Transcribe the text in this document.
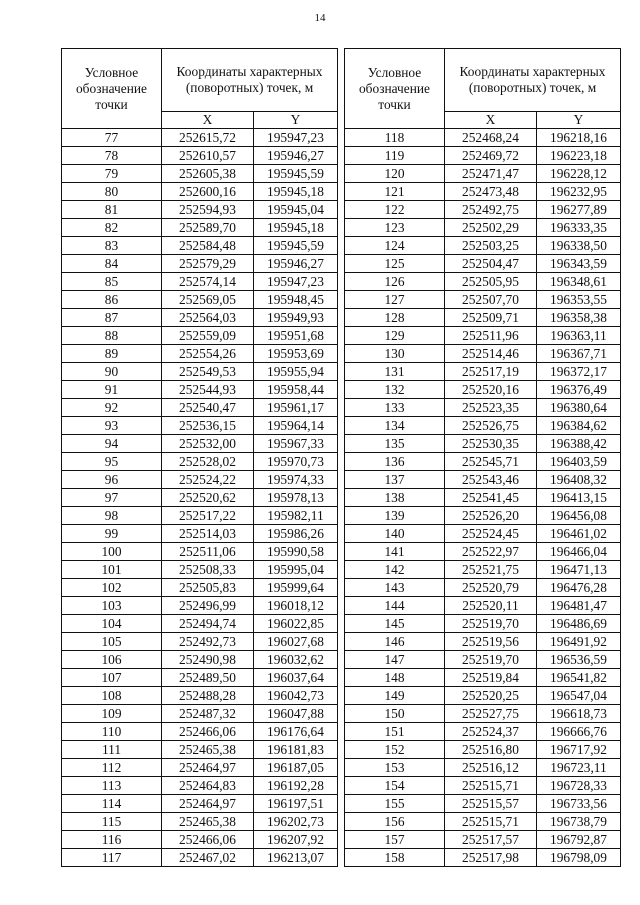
14
Условное обозначение точки	Координаты характерных (поворотных) точек, м	
	X	Y
77	252615,72	195947,23
78	252610,57	195946,27
79	252605,38	195945,59
80	252600,16	195945,18
81	252594,93	195945,04
82	252589,70	195945,18
83	252584,48	195945,59
84	252579,29	195946,27
85	252574,14	195947,23
86	252569,05	195948,45
87	252564,03	195949,93
88	252559,09	195951,68
89	252554,26	195953,69
90	252549,53	195955,94
91	252544,93	195958,44
92	252540,47	195961,17
93	252536,15	195964,14
94	252532,00	195967,33
95	252528,02	195970,73
96	252524,22	195974,33
97	252520,62	195978,13
98	252517,22	195982,11
99	252514,03	195986,26
100	252511,06	195990,58
101	252508,33	195995,04
102	252505,83	195999,64
103	252496,99	196018,12
104	252494,74	196022,85
105	252492,73	196027,68
106	252490,98	196032,62
107	252489,50	196037,64
108	252488,28	196042,73
109	252487,32	196047,88
110	252466,06	196176,64
111	252465,38	196181,83
112	252464,97	196187,05
113	252464,83	196192,28
114	252464,97	196197,51
115	252465,38	196202,73
116	252466,06	196207,92
117	252467,02	196213,07
Условное обозначение точки	Координаты характерных (поворотных) точек, м	
	X	Y
118	252468,24	196218,16
119	252469,72	196223,18
120	252471,47	196228,12
121	252473,48	196232,95
122	252492,75	196277,89
123	252502,29	196333,35
124	252503,25	196338,50
125	252504,47	196343,59
126	252505,95	196348,61
127	252507,70	196353,55
128	252509,71	196358,38
129	252511,96	196363,11
130	252514,46	196367,71
131	252517,19	196372,17
132	252520,16	196376,49
133	252523,35	196380,64
134	252526,75	196384,62
135	252530,35	196388,42
136	252545,71	196403,59
137	252543,46	196408,32
138	252541,45	196413,15
139	252526,20	196456,08
140	252524,45	196461,02
141	252522,97	196466,04
142	252521,75	196471,13
143	252520,79	196476,28
144	252520,11	196481,47
145	252519,70	196486,69
146	252519,56	196491,92
147	252519,70	196536,59
148	252519,84	196541,82
149	252520,25	196547,04
150	252527,75	196618,73
151	252524,37	196666,76
152	252516,80	196717,92
153	252516,12	196723,11
154	252515,71	196728,33
155	252515,57	196733,56
156	252515,71	196738,79
157	252517,57	196792,87
158	252517,98	196798,09
